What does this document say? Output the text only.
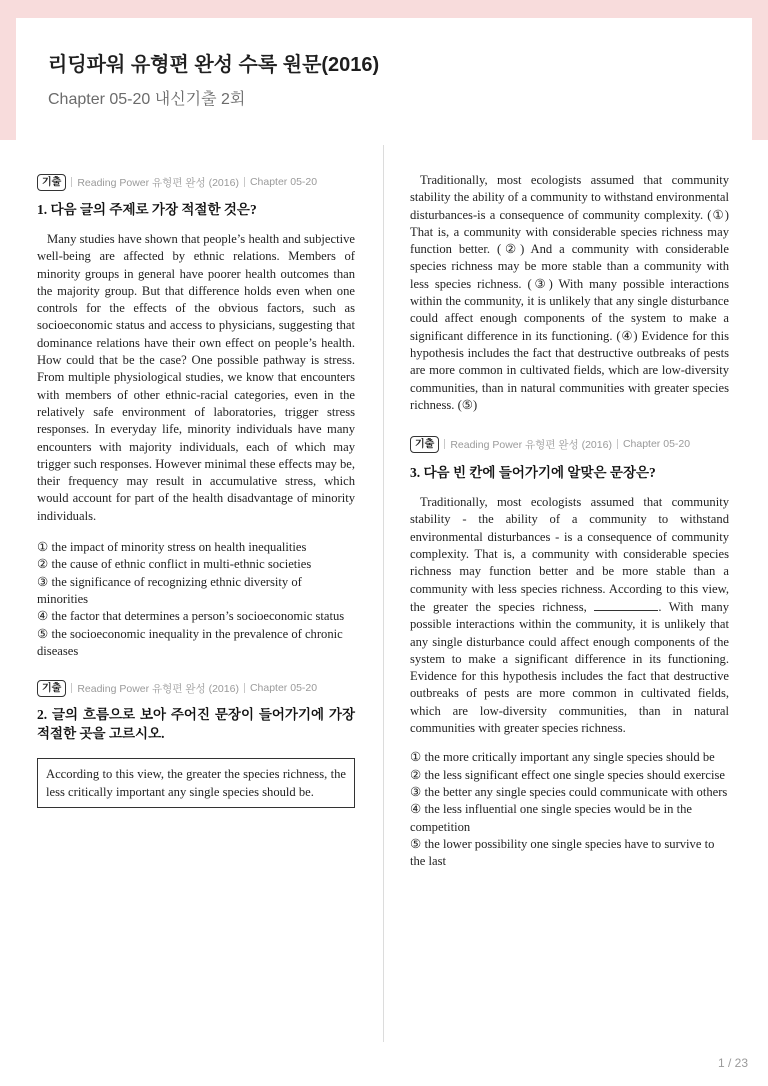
리딩파워 유형편 완성 수록 원문(2016)
Chapter 05-20 내신기출 2회
기출	Reading Power 유형편 완성 (2016) Chapter 05-20
1. 다음 글의 주제로 가장 적절한 것은?

Many studies have shown that people’s health and subjective well-being are affected by ethnic relations. Members of minority groups in general have poorer health outcomes than the majority group. But that difference holds even when one controls for the effects of the obvious factors, such as socioeconomic status and access to physicians, suggesting that dominance relations have their own effect on people’s health. How could that be the case? One possible pathway is stress. From multiple physiological studies, we know that encounters with members of other ethnic-racial categories, even in the relatively safe environment of laboratories, trigger stress responses. In everyday life, minority individuals have many encounters with majority individuals, each of which may trigger such responses. However minimal these effects may be, their frequency may result in accumulative stress, which would account for part of the health disadvantage of minority individuals.

① the impact of minority stress on health inequalities
② the cause of ethnic conflict in multi-ethnic societies
③ the significance of recognizing ethnic diversity of minorities
④ the factor that determines a person’s socioeconomic status
⑤ the socioeconomic inequality in the prevalence of chronic diseases
기출	Reading Power 유형편 완성 (2016) Chapter 05-20
2. 글의 흐름으로 보아 주어진 문장이 들어가기에 가장 적절한 곳을 고르시오.
According to this view, the greater the species richness, the less critically important any single species should be.

Traditionally, most ecologists assumed that community stability the ability of a community to withstand environmental disturbances-is a consequence of community complexity. (①) That is, a community with considerable species richness may function better. (②) And a community with considerable species richness may be more stable than a community with less species richness. (③) With many possible interactions within the community, it is unlikely that any single disturbance could affect enough components of the system to make a significant difference in its functioning. (④) Evidence for this hypothesis includes the fact that destructive outbreaks of pests are more common in cultivated fields, which are low-diversity communities, than in natural communities with greater species richness. (⑤)

기출	Reading Power 유형편 완성 (2016) Chapter 05-20
3. 다음 빈 칸에 들어가기에 알맞은 문장은?

Traditionally, most ecologists assumed that community stability - the ability of a community to withstand environmental disturbances - is a consequence of community complexity. That is, a community with considerable species richness may function better and be more stable than a community with less species richness. According to this view, the greater the species richness,	. With many possible interactions within the community, it is unlikely that any single disturbance could affect enough components of the system to make a significant difference in its functioning. Evidence for this hypothesis includes the fact that destructive outbreaks of pests are more common in cultivated fields, which are low-diversity communities, than in natural communities with greater species richness.

① the more critically important any single species should be
② the less significant effect one single species should exercise
③ the better any single species could communicate with others
④ the less influential one single species would be in the competition
⑤ the lower possibility one single species have to survive to the last
1 / 23
